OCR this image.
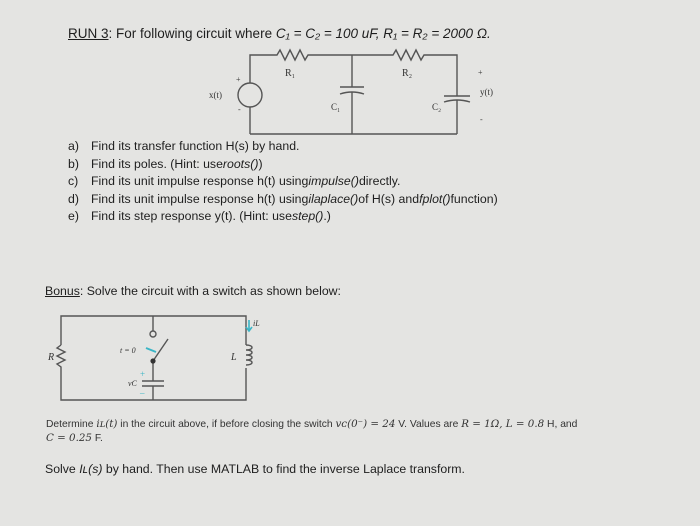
RUN 3: For following circuit where C₁ = C₂ = 100 uF, R₁ = R₂ = 2000 Ω.
R₁	R₂
C₁	C₂
x(t)	y(t)
+
-
+
-
R	L
iL
t = 0
vC
+
–
a) Find its transfer function H(s) by hand.
b) Find its poles. (Hint: use roots() )
c)	Find its unit impulse response h(t) using impulse() directly.
d) Find its unit impulse response h(t) using ilaplace() of H(s) and fplot() function)
e) Find its step response y(t). (Hint: use step() .)
Bonus: Solve the circuit with a switch as shown below:
Determine iʟ(t) in the circuit above, if before closing the switch vᴄ(0⁻) = 24 V. Values are R = 1Ω, L = 0.8 H, and
C = 0.25 F.
Solve Iʟ(s) by hand. Then use MATLAB to find the inverse Laplace transform.
